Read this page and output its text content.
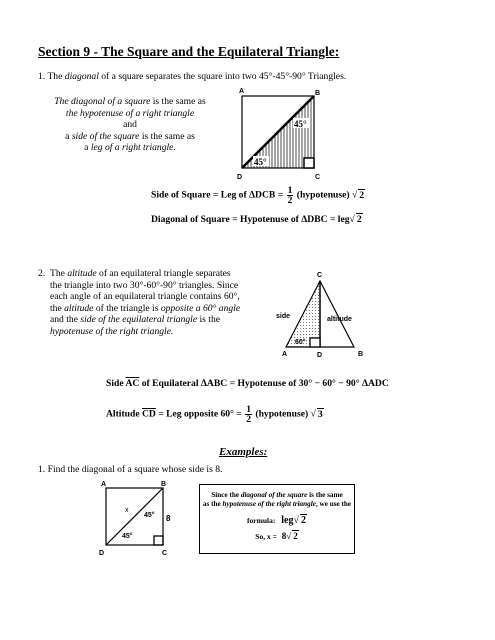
Section 9 - The Square and the Equilateral Triangle:
1. The diagonal of a square separates the square into two 45°-45°-90° Triangles.
The diagonal of a square is the same as
the hypotenuse of a right triangle
and
a side of the square is the same as
a leg of a right triangle.
A	B
C
D
45°
45°
Side of Square = Leg of $\Delta DCB = \frac{1}{2}$ (hypotenuse) √ 2
Diagonal of Square = Hypotenuse of ΔDBC = leg√ 2
2. The altitude of an equilateral triangle separates
the triangle into two 30°-60°-90° triangles. Since
each angle of an equilateral triangle contains 60°,
the altitude of the triangle is opposite a 60° angle
and the side of the equilateral triangle is the
hypotenuse of the right triangle.
C
A	D	B
side	altitude
60°
Side $\overline{AC}$ of Equilateral ΔABC = Hypotenuse of 30° − 60° − 90° ΔADC
Altitude $\overline{CD}$ = Leg opposite $60^\circ = \frac{1}{2}$ (hypotenuse) √ 3
Examples:
1. Find the diagonal of a square whose side is 8.
A	B
C
D
x
45°
45°
8
Since the diagonal of the square is the same
as the hypotenuse of the right triangle, we use the
formula: leg√ 2
So, x = 8√ 2
